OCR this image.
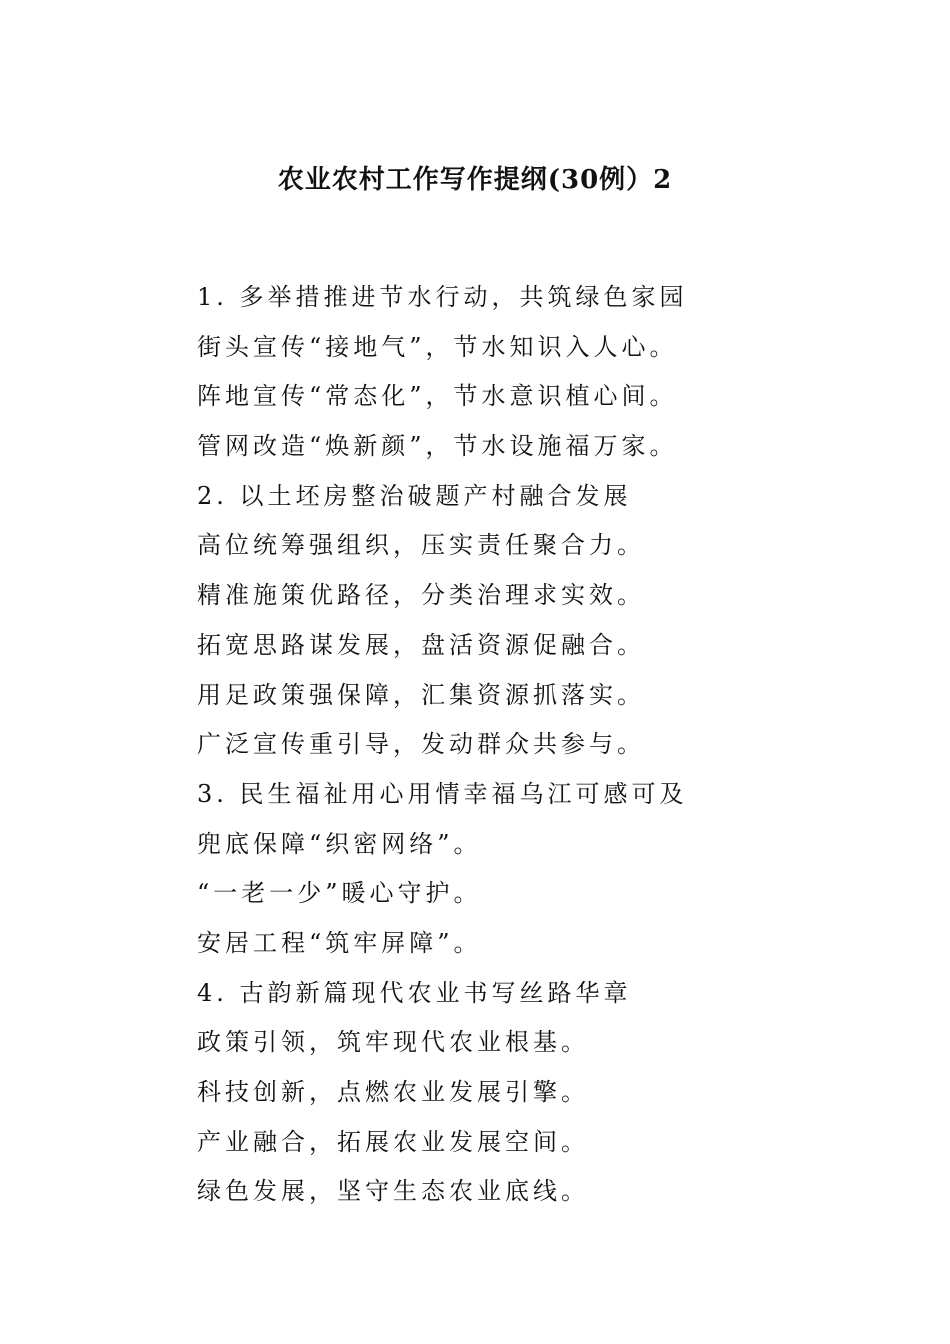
农业农村工作写作提纲(30例）2
1. 多举措推进节水行动，共筑绿色家园
街头宣传“接地气”，节水知识入人心。
阵地宣传“常态化”，节水意识植心间。
管网改造“焕新颜”，节水设施福万家。
2. 以土坯房整治破题产村融合发展
高位统筹强组织，压实责任聚合力。
精准施策优路径，分类治理求实效。
拓宽思路谋发展，盘活资源促融合。
用足政策强保障，汇集资源抓落实。
广泛宣传重引导，发动群众共参与。
3. 民生福祉用心用情幸福乌江可感可及
兜底保障“织密网络”。
“一老一少”暖心守护。
安居工程“筑牢屏障”。
4. 古韵新篇现代农业书写丝路华章
政策引领，筑牢现代农业根基。
科技创新，点燃农业发展引擎。
产业融合，拓展农业发展空间。
绿色发展，坚守生态农业底线。
